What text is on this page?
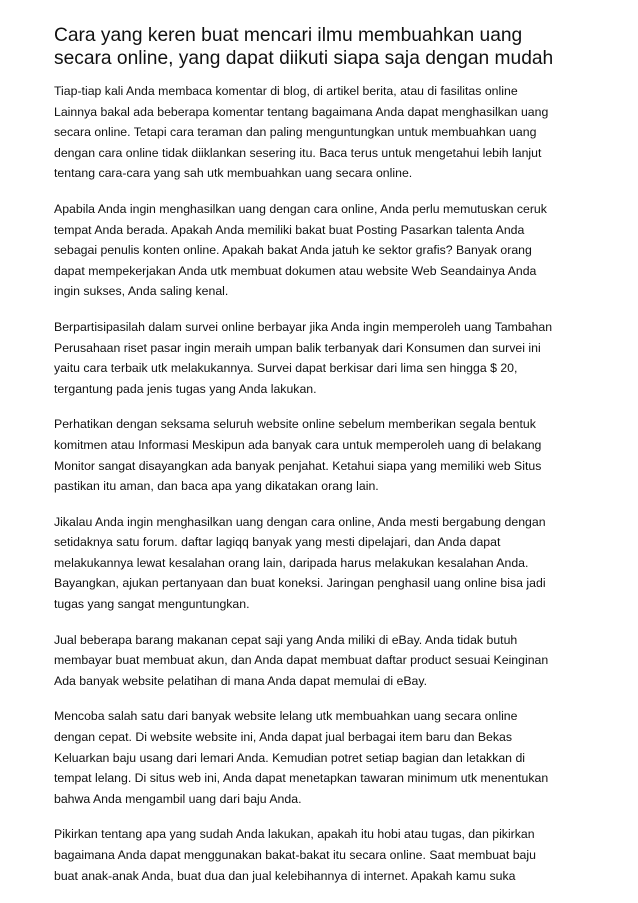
Cara yang keren buat mencari ilmu membuahkan uang
secara online, yang dapat diikuti siapa saja dengan mudah

Tiap-tiap kali Anda membaca komentar di blog, di artikel berita, atau di fasilitas online
Lainnya bakal ada beberapa komentar tentang bagaimana Anda dapat menghasilkan uang
secara online. Tetapi cara teraman dan paling menguntungkan untuk membuahkan uang
dengan cara online tidak diiklankan sesering itu. Baca terus untuk mengetahui lebih lanjut
tentang cara-cara yang sah utk membuahkan uang secara online.

Apabila Anda ingin menghasilkan uang dengan cara online, Anda perlu memutuskan ceruk
tempat Anda berada. Apakah Anda memiliki bakat buat Posting Pasarkan talenta Anda
sebagai penulis konten online. Apakah bakat Anda jatuh ke sektor grafis? Banyak orang
dapat mempekerjakan Anda utk membuat dokumen atau website Web Seandainya Anda
ingin sukses, Anda saling kenal.

Berpartisipasilah dalam survei online berbayar jika Anda ingin memperoleh uang Tambahan
Perusahaan riset pasar ingin meraih umpan balik terbanyak dari Konsumen dan survei ini
yaitu cara terbaik utk melakukannya. Survei dapat berkisar dari lima sen hingga $ 20,
tergantung pada jenis tugas yang Anda lakukan.

Perhatikan dengan seksama seluruh website online sebelum memberikan segala bentuk
komitmen atau Informasi Meskipun ada banyak cara untuk memperoleh uang di belakang
Monitor sangat disayangkan ada banyak penjahat. Ketahui siapa yang memiliki web Situs
pastikan itu aman, dan baca apa yang dikatakan orang lain.

Jikalau Anda ingin menghasilkan uang dengan cara online, Anda mesti bergabung dengan
setidaknya satu forum. daftar lagiqq banyak yang mesti dipelajari, dan Anda dapat
melakukannya lewat kesalahan orang lain, daripada harus melakukan kesalahan Anda.
Bayangkan, ajukan pertanyaan dan buat koneksi. Jaringan penghasil uang online bisa jadi
tugas yang sangat menguntungkan.

Jual beberapa barang makanan cepat saji yang Anda miliki di eBay. Anda tidak butuh
membayar buat membuat akun, dan Anda dapat membuat daftar product sesuai Keinginan
Ada banyak website pelatihan di mana Anda dapat memulai di eBay.

Mencoba salah satu dari banyak website lelang utk membuahkan uang secara online
dengan cepat. Di website website ini, Anda dapat jual berbagai item baru dan Bekas
Keluarkan baju usang dari lemari Anda. Kemudian potret setiap bagian dan letakkan di
tempat lelang. Di situs web ini, Anda dapat menetapkan tawaran minimum utk menentukan
bahwa Anda mengambil uang dari baju Anda.

Pikirkan tentang apa yang sudah Anda lakukan, apakah itu hobi atau tugas, dan pikirkan
bagaimana Anda dapat menggunakan bakat-bakat itu secara online. Saat membuat baju
buat anak-anak Anda, buat dua dan jual kelebihannya di internet. Apakah kamu suka
